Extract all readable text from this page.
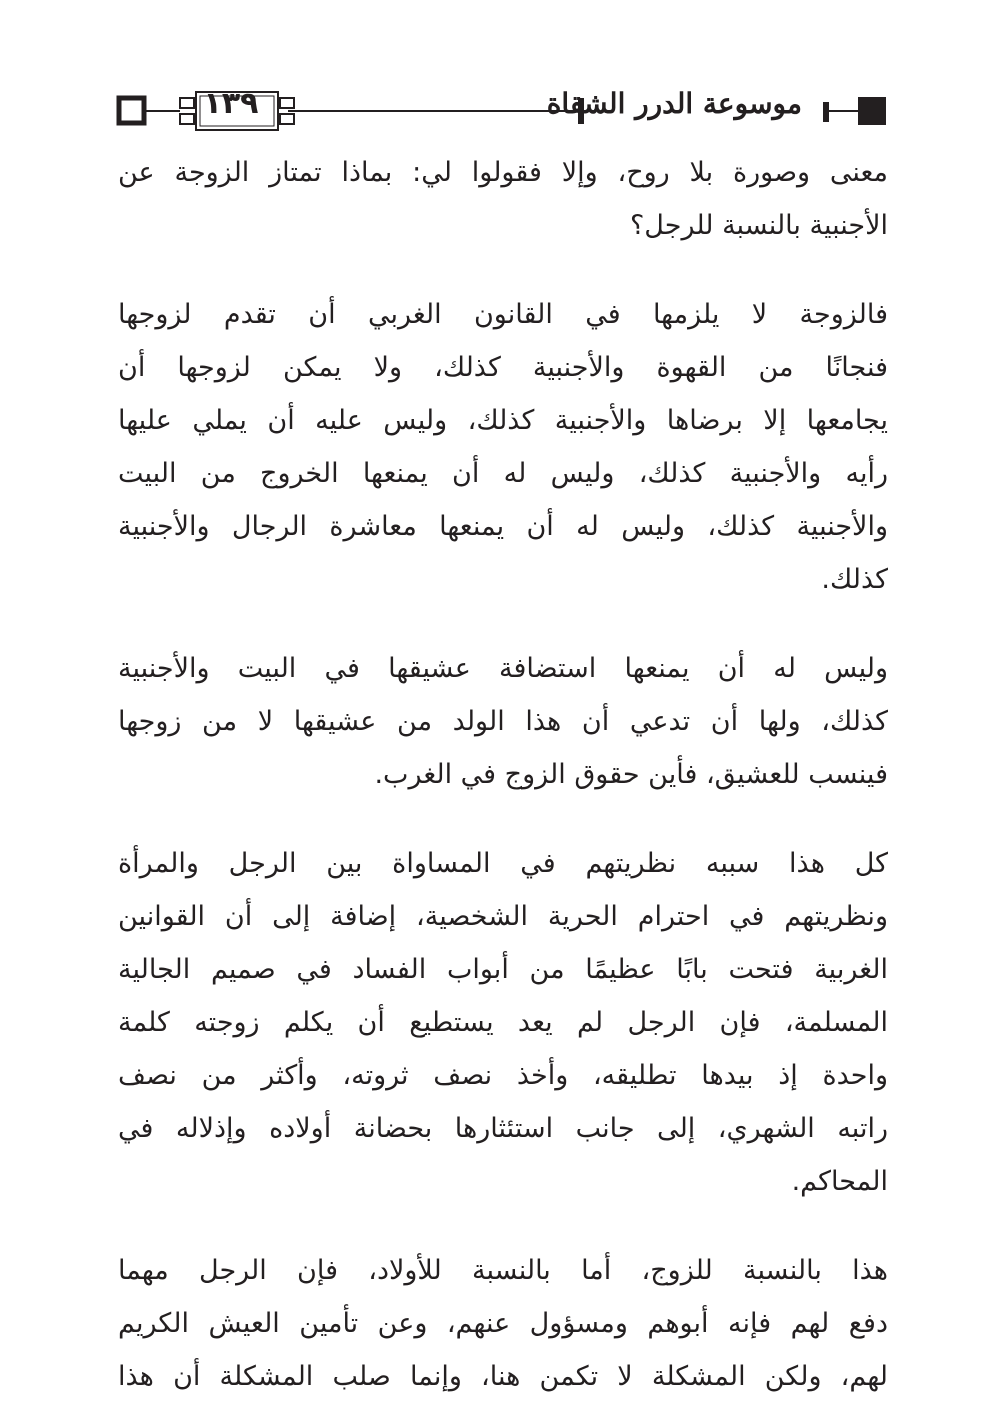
١٣٩	موسوعة الدرر الشقاة
معنى وصورة بلا روح، وإلا فقولوا لي: بماذا تمتاز الزوجة عن
الأجنبية بالنسبة للرجل؟
فالزوجة لا يلزمها في القانون الغربي أن تقدم لزوجها
فنجانًا من القهوة والأجنبية كذلك، ولا يمكن لزوجها أن
يجامعها إلا برضاها والأجنبية كذلك، وليس عليه أن يملي عليها
رأيه والأجنبية كذلك، وليس له أن يمنعها الخروج من البيت
والأجنبية كذلك، وليس له أن يمنعها معاشرة الرجال والأجنبية
كذلك.
وليس له أن يمنعها استضافة عشيقها في البيت والأجنبية
كذلك، ولها أن تدعي أن هذا الولد من عشيقها لا من زوجها
فينسب للعشيق، فأين حقوق الزوج في الغرب.
كل هذا سببه نظريتهم في المساواة بين الرجل والمرأة
ونظريتهم في احترام الحرية الشخصية، إضافة إلى أن القوانين
الغربية فتحت بابًا عظيمًا من أبواب الفساد في صميم الجالية
المسلمة، فإن الرجل لم يعد يستطيع أن يكلم زوجته كلمة
واحدة إذ بيدها تطليقه، وأخذ نصف ثروته، وأكثر من نصف
راتبه الشهري، إلى جانب استئثارها بحضانة أولاده وإذلاله في
المحاكم.
هذا بالنسبة للزوج، أما بالنسبة للأولاد، فإن الرجل مهما
دفع لهم فإنه أبوهم ومسؤول عنهم، وعن تأمين العيش الكريم
لهم، ولكن المشكلة لا تكمن هنا، وإنما صلب المشكلة أن هذا
